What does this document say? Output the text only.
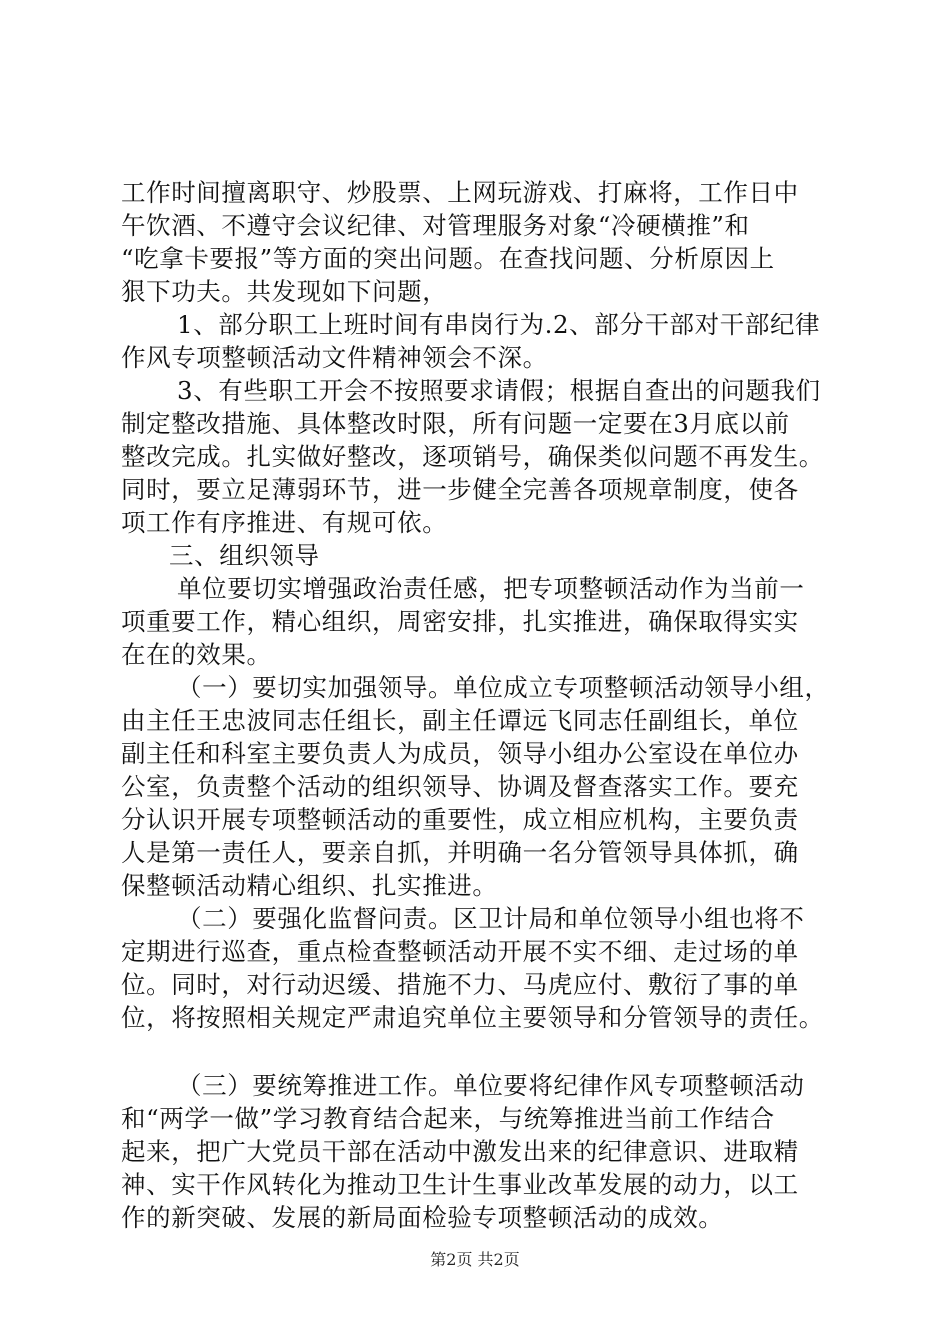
工作时间擅离职守、炒股票、上网玩游戏、打麻将，工作日中
午饮酒、不遵守会议纪律、对管理服务对象“冷硬横推”和
“吃拿卡要报”等方面的突出问题。在查找问题、分析原因上
狠下功夫。共发现如下问题，
1、部分职工上班时间有串岗行为.2、部分干部对干部纪律
作风专项整顿活动文件精神领会不深。
3、有些职工开会不按照要求请假；根据自查出的问题我们
制定整改措施、具体整改时限，所有问题一定要在3月底以前
整改完成。扎实做好整改，逐项销号，确保类似问题不再发生。
同时，要立足薄弱环节，进一步健全完善各项规章制度，使各
项工作有序推进、有规可依。
三、组织领导
单位要切实增强政治责任感，把专项整顿活动作为当前一
项重要工作，精心组织，周密安排，扎实推进，确保取得实实
在在的效果。
（一）要切实加强领导。单位成立专项整顿活动领导小组，
由主任王忠波同志任组长，副主任谭远飞同志任副组长，单位
副主任和科室主要负责人为成员，领导小组办公室设在单位办
公室，负责整个活动的组织领导、协调及督查落实工作。要充
分认识开展专项整顿活动的重要性，成立相应机构，主要负责
人是第一责任人，要亲自抓，并明确一名分管领导具体抓，确
保整顿活动精心组织、扎实推进。
（二）要强化监督问责。区卫计局和单位领导小组也将不
定期进行巡查，重点检查整顿活动开展不实不细、走过场的单
位。同时，对行动迟缓、措施不力、马虎应付、敷衍了事的单
位，将按照相关规定严肃追究单位主要领导和分管领导的责任。
（三）要统筹推进工作。单位要将纪律作风专项整顿活动
和“两学一做”学习教育结合起来，与统筹推进当前工作结合
起来，把广大党员干部在活动中激发出来的纪律意识、进取精
神、实干作风转化为推动卫生计生事业改革发展的动力，以工
作的新突破、发展的新局面检验专项整顿活动的成效。
第2页 共2页
